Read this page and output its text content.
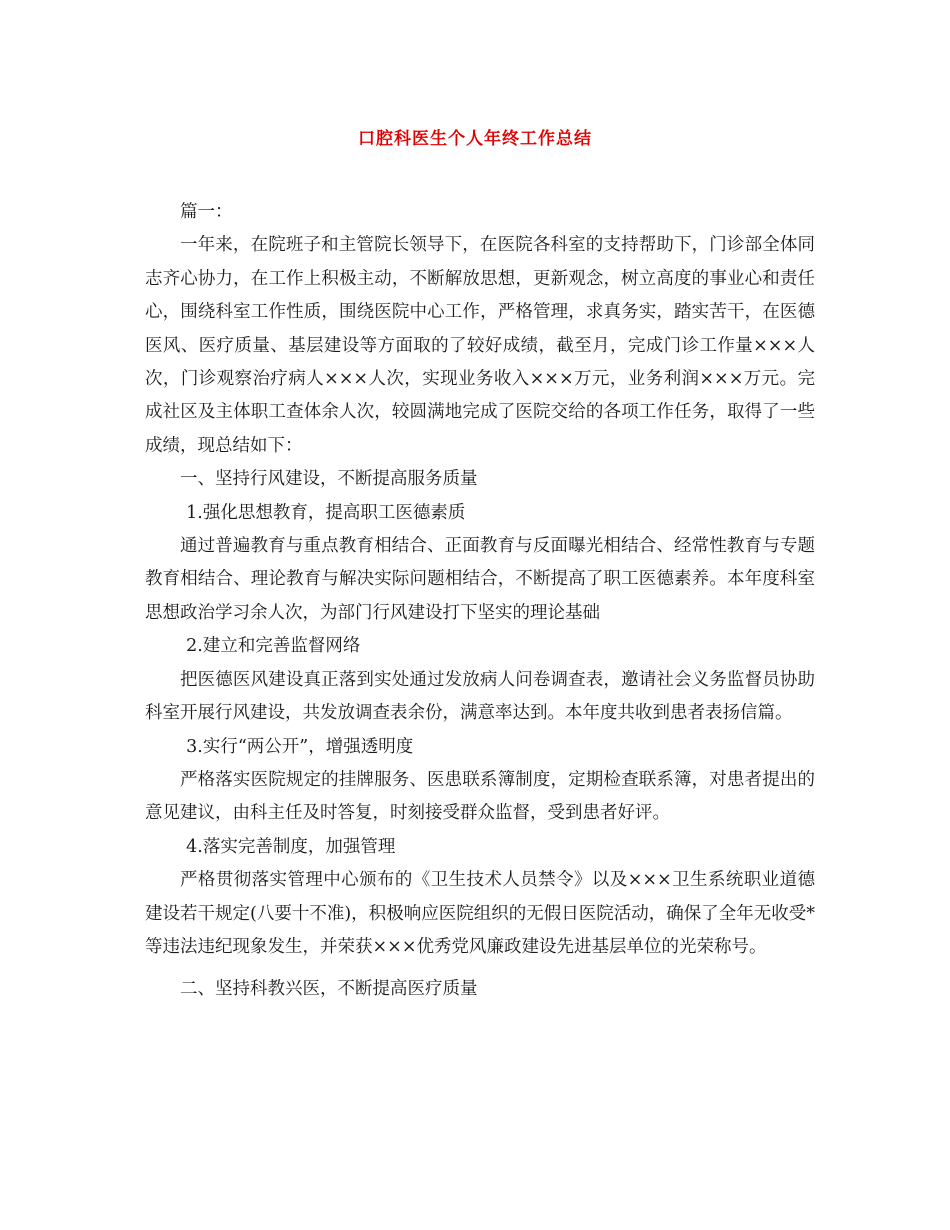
口腔科医生个人年终工作总结

篇一：

一年来，在院班子和主管院长领导下，在医院各科室的支持帮助下，门诊部全体同志齐心协力，在工作上积极主动，不断解放思想，更新观念，树立高度的事业心和责任心，围绕科室工作性质，围绕医院中心工作，严格管理，求真务实，踏实苦干，在医德医风、医疗质量、基层建设等方面取的了较好成绩，截至月，完成门诊工作量×××人次，门诊观察治疗病人×××人次，实现业务收入×××万元，业务利润×××万元。完成社区及主体职工查体余人次，较圆满地完成了医院交给的各项工作任务，取得了一些成绩，现总结如下：

一、坚持行风建设，不断提高服务质量

1.强化思想教育，提高职工医德素质

通过普遍教育与重点教育相结合、正面教育与反面曝光相结合、经常性教育与专题教育相结合、理论教育与解决实际问题相结合，不断提高了职工医德素养。本年度科室思想政治学习余人次，为部门行风建设打下坚实的理论基础

2.建立和完善监督网络

把医德医风建设真正落到实处通过发放病人问卷调查表，邀请社会义务监督员协助科室开展行风建设，共发放调查表余份，满意率达到。本年度共收到患者表扬信篇。

3.实行“两公开”，增强透明度

严格落实医院规定的挂牌服务、医患联系簿制度，定期检查联系簿，对患者提出的意见建议，由科主任及时答复，时刻接受群众监督，受到患者好评。

4.落实完善制度，加强管理

严格贯彻落实管理中心颁布的《卫生技术人员禁令》以及×××卫生系统职业道德建设若干规定(八要十不准)，积极响应医院组织的无假日医院活动，确保了全年无收受*等违法违纪现象发生，并荣获×××优秀党风廉政建设先进基层单位的光荣称号。

二、坚持科教兴医，不断提高医疗质量
